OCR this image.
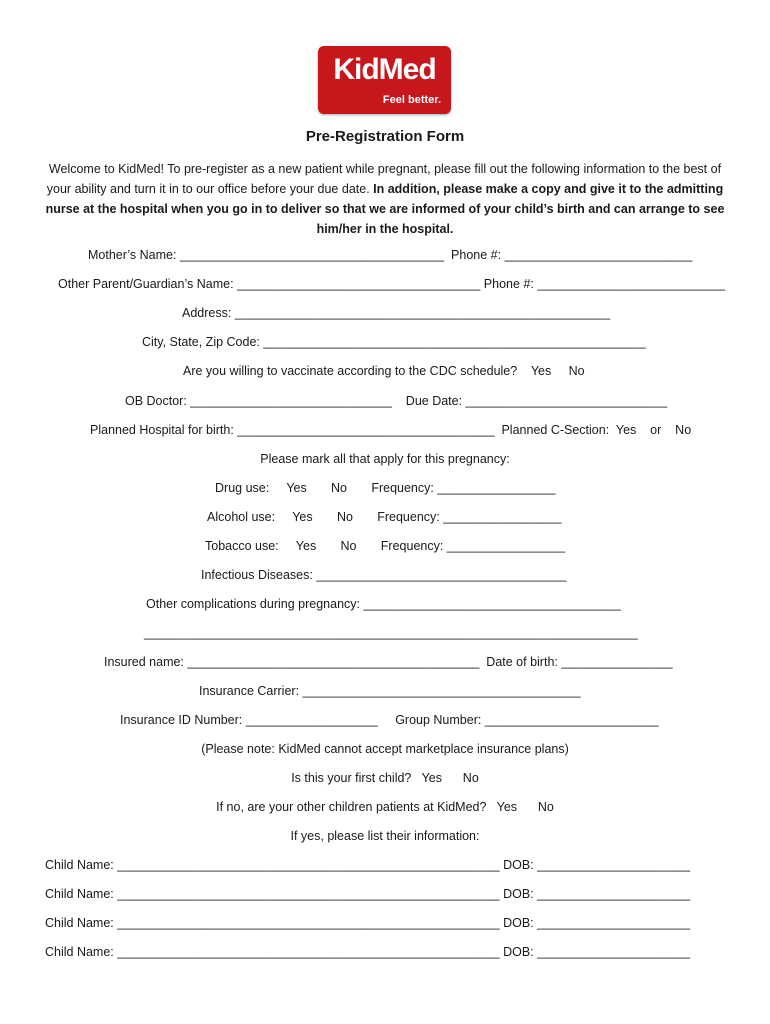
KidMed
Feel better.
Pre-Registration Form
Welcome to KidMed! To pre-register as a new patient while pregnant, please fill out the following information to the best of your ability and turn it in to our office before your due date. In addition, please make a copy and give it to the admitting nurse at the hospital when you go in to deliver so that we are informed of your child’s birth and can arrange to see him/her in the hospital.
Mother’s Name: ______________________________________  Phone #: ___________________________
Other Parent/Guardian’s Name: ___________________________________ Phone #: ___________________________
Address: ______________________________________________________
City, State, Zip Code: _______________________________________________________
Are you willing to vaccinate according to the CDC schedule?    Yes     No
OB Doctor: _____________________________    Due Date: _____________________________
Planned Hospital for birth: _____________________________________  Planned C-Section:  Yes    or    No
Please mark all that apply for this pregnancy:
Drug use:     Yes       No       Frequency: _________________
Alcohol use:     Yes       No       Frequency: _________________
Tobacco use:     Yes       No       Frequency: _________________
Infectious Diseases: ____________________________________
Other complications during pregnancy: _____________________________________
_______________________________________________________________________
Insured name: __________________________________________  Date of birth: ________________
Insurance Carrier: ________________________________________
Insurance ID Number: ___________________     Group Number: _________________________
(Please note: KidMed cannot accept marketplace insurance plans)
Is this your first child?   Yes      No
If no, are your other children patients at KidMed?   Yes      No
If yes, please list their information:
Child Name: _______________________________________________________ DOB: ______________________
Child Name: _______________________________________________________ DOB: ______________________
Child Name: _______________________________________________________ DOB: ______________________
Child Name: _______________________________________________________ DOB: ______________________
